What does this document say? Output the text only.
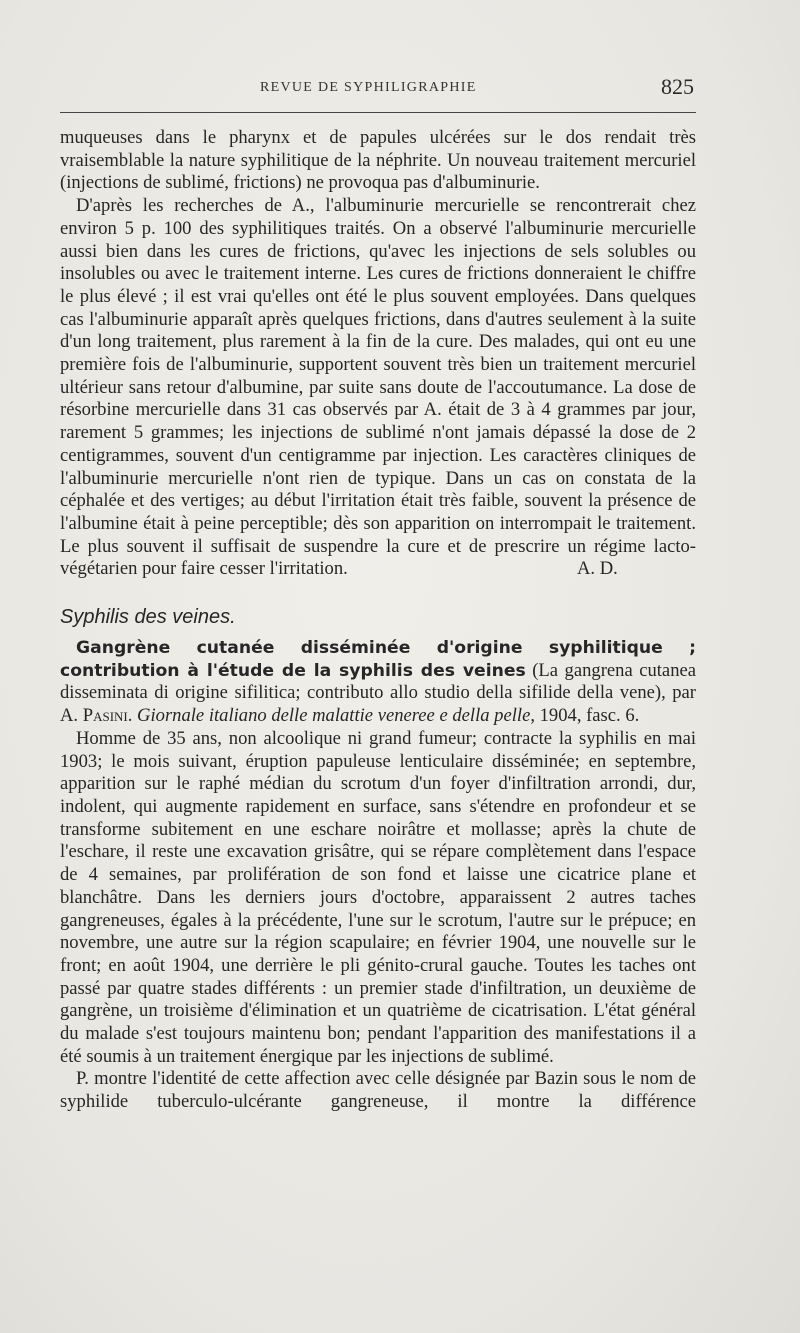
REVUE DE SYPHILIGRAPHIE	825

muqueuses dans le pharynx et de papules ulcérées sur le dos rendait très vraisemblable la nature syphilitique de la néphrite. Un nouveau traitement mercuriel (injections de sublimé, frictions) ne provoqua pas d'albuminurie.

D'après les recherches de A., l'albuminurie mercurielle se rencontrerait chez environ 5 p. 100 des syphilitiques traités. On a observé l'albuminurie mercurielle aussi bien dans les cures de frictions, qu'avec les injections de sels solubles ou insolubles ou avec le traitement interne. Les cures de frictions donneraient le chiffre le plus élevé ; il est vrai qu'elles ont été le plus souvent employées. Dans quelques cas l'albuminurie apparaît après quelques frictions, dans d'autres seulement à la suite d'un long traitement, plus rarement à la fin de la cure. Des malades, qui ont eu une première fois de l'albuminurie, supportent souvent très bien un traitement mercuriel ultérieur sans retour d'albumine, par suite sans doute de l'accoutumance. La dose de résorbine mercurielle dans 31 cas observés par A. était de 3 à 4 grammes par jour, rarement 5 grammes; les injections de sublimé n'ont jamais dépassé la dose de 2 centigrammes, souvent d'un centigramme par injection. Les caractères cliniques de l'albuminurie mercurielle n'ont rien de typique. Dans un cas on constata de la céphalée et des vertiges; au début l'irritation était très faible, souvent la présence de l'albumine était à peine perceptible; dès son apparition on interrompait le traitement. Le plus souvent il suffisait de suspendre la cure et de prescrire un régime lacto-végétarien pour faire cesser l'irritation.	A. D.

Syphilis des veines.

Gangrène cutanée disséminée d'origine syphilitique ; contribution à l'étude de la syphilis des veines (La gangrena cutanea disseminata di origine sifilitica; contributo allo studio della sifilide della vene), par A. Pasini. Giornale italiano delle malattie veneree e della pelle, 1904, fasc. 6.

Homme de 35 ans, non alcoolique ni grand fumeur; contracte la syphilis en mai 1903; le mois suivant, éruption papuleuse lenticulaire disséminée; en septembre, apparition sur le raphé médian du scrotum d'un foyer d'infiltration arrondi, dur, indolent, qui augmente rapidement en surface, sans s'étendre en profondeur et se transforme subitement en une eschare noirâtre et mollasse; après la chute de l'eschare, il reste une excavation grisâtre, qui se répare complètement dans l'espace de 4 semaines, par prolifération de son fond et laisse une cicatrice plane et blanchâtre. Dans les derniers jours d'octobre, apparaissent 2 autres taches gangreneuses, égales à la précédente, l'une sur le scrotum, l'autre sur le prépuce; en novembre, une autre sur la région scapulaire; en février 1904, une nouvelle sur le front; en août 1904, une derrière le pli génito-crural gauche. Toutes les taches ont passé par quatre stades différents : un premier stade d'infiltration, un deuxième de gangrène, un troisième d'élimination et un quatrième de cicatrisation. L'état général du malade s'est toujours maintenu bon; pendant l'apparition des manifestations il a été soumis à un traitement énergique par les injections de sublimé.

P. montre l'identité de cette affection avec celle désignée par Bazin sous le nom de syphilide tuberculo-ulcérante gangreneuse, il montre la différence
